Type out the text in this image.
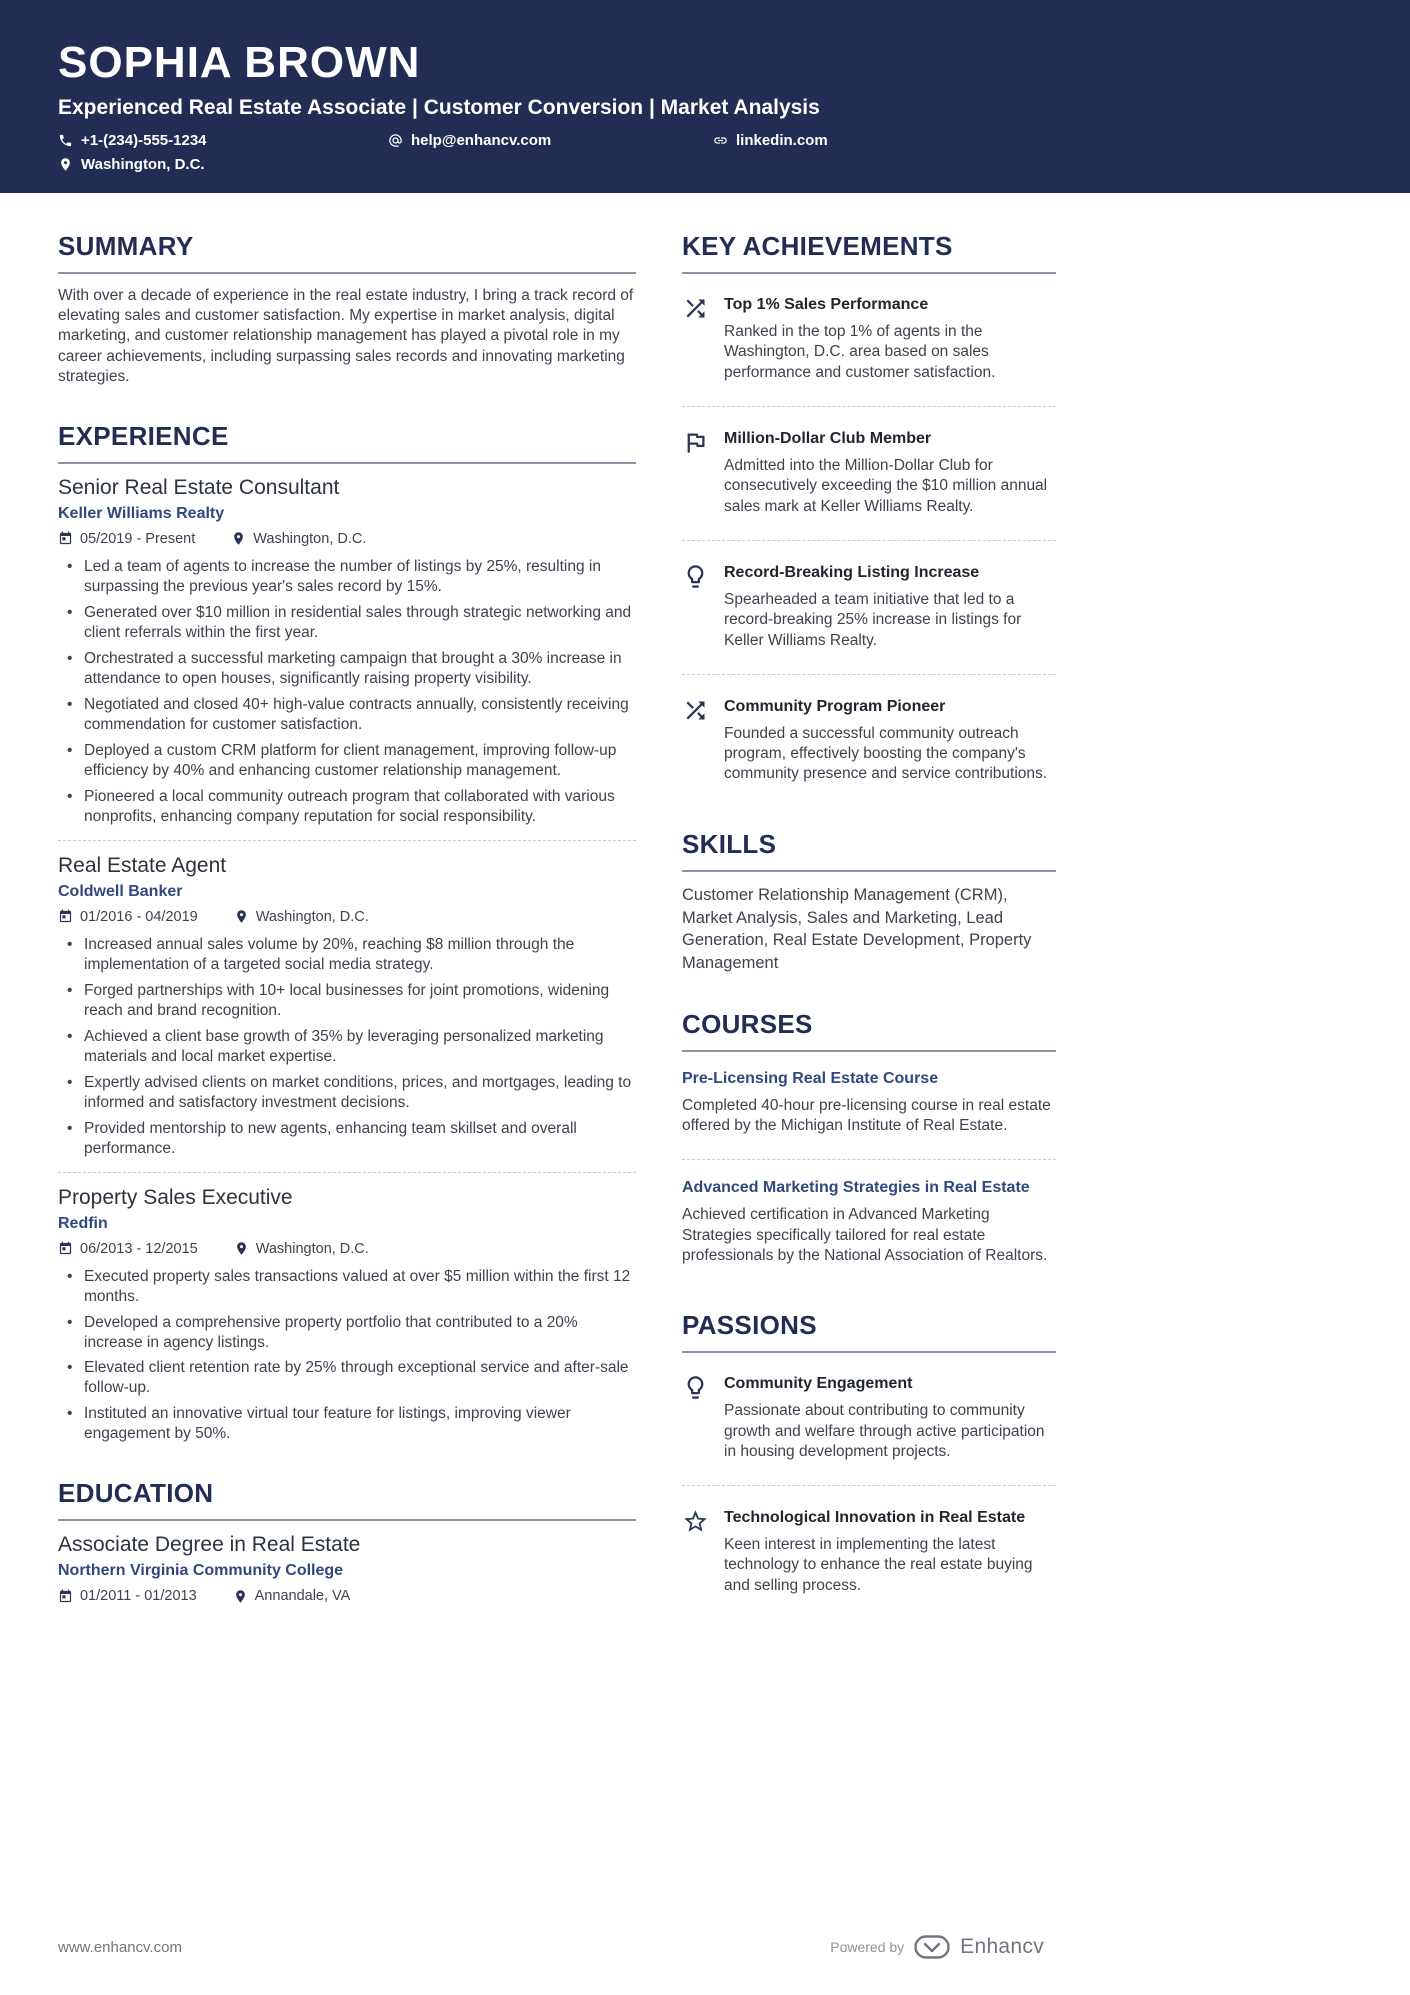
SOPHIA BROWN
Experienced Real Estate Associate | Customer Conversion | Market Analysis
+1-(234)-555-1234	help@enhancv.com	linkedin.com
Washington, D.C.
SUMMARY

With over a decade of experience in the real estate industry, I bring a track record of elevating sales and customer satisfaction. My expertise in market analysis, digital marketing, and customer relationship management has played a pivotal role in my career achievements, including surpassing sales records and innovating marketing strategies.

EXPERIENCE
Senior Real Estate Consultant
Keller Williams Realty
05/2019 - Present	Washington, D.C.
• Led a team of agents to increase the number of listings by 25%, resulting in surpassing the previous year's sales record by 15%.
• Generated over $10 million in residential sales through strategic networking and client referrals within the first year.
• Orchestrated a successful marketing campaign that brought a 30% increase in attendance to open houses, significantly raising property visibility.
• Negotiated and closed 40+ high-value contracts annually, consistently receiving commendation for customer satisfaction.
• Deployed a custom CRM platform for client management, improving follow-up efficiency by 40% and enhancing customer relationship management.
• Pioneered a local community outreach program that collaborated with various nonprofits, enhancing company reputation for social responsibility.
Real Estate Agent
Coldwell Banker
01/2016 - 04/2019	Washington, D.C.
• Increased annual sales volume by 20%, reaching $8 million through the implementation of a targeted social media strategy.
• Forged partnerships with 10+ local businesses for joint promotions, widening reach and brand recognition.
• Achieved a client base growth of 35% by leveraging personalized marketing materials and local market expertise.
• Expertly advised clients on market conditions, prices, and mortgages, leading to informed and satisfactory investment decisions.
• Provided mentorship to new agents, enhancing team skillset and overall performance.
Property Sales Executive
Redfin
06/2013 - 12/2015	Washington, D.C.
• Executed property sales transactions valued at over $5 million within the first 12 months.
• Developed a comprehensive property portfolio that contributed to a 20% increase in agency listings.
• Elevated client retention rate by 25% through exceptional service and after-sale follow-up.
• Instituted an innovative virtual tour feature for listings, improving viewer engagement by 50%.
EDUCATION
Associate Degree in Real Estate
Northern Virginia Community College
01/2011 - 01/2013	Annandale, VA
KEY ACHIEVEMENTS
Top 1% Sales Performance

Ranked in the top 1% of agents in the Washington, D.C. area based on sales performance and customer satisfaction.

Million-Dollar Club Member

Admitted into the Million-Dollar Club for consecutively exceeding the $10 million annual sales mark at Keller Williams Realty.

Record-Breaking Listing Increase

Spearheaded a team initiative that led to a record-breaking 25% increase in listings for Keller Williams Realty.

Community Program Pioneer

Founded a successful community outreach program, effectively boosting the company's community presence and service contributions.

SKILLS

Customer Relationship Management (CRM), Market Analysis, Sales and Marketing, Lead Generation, Real Estate Development, Property Management

COURSES
Pre-Licensing Real Estate Course

Completed 40-hour pre-licensing course in real estate offered by the Michigan Institute of Real Estate.

Advanced Marketing Strategies in Real Estate

Achieved certification in Advanced Marketing Strategies specifically tailored for real estate professionals by the National Association of Realtors.

PASSIONS
Community Engagement

Passionate about contributing to community growth and welfare through active participation in housing development projects.

Technological Innovation in Real Estate

Keen interest in implementing the latest technology to enhance the real estate buying and selling process.

www.enhancv.com	Powered by	Enhancv
